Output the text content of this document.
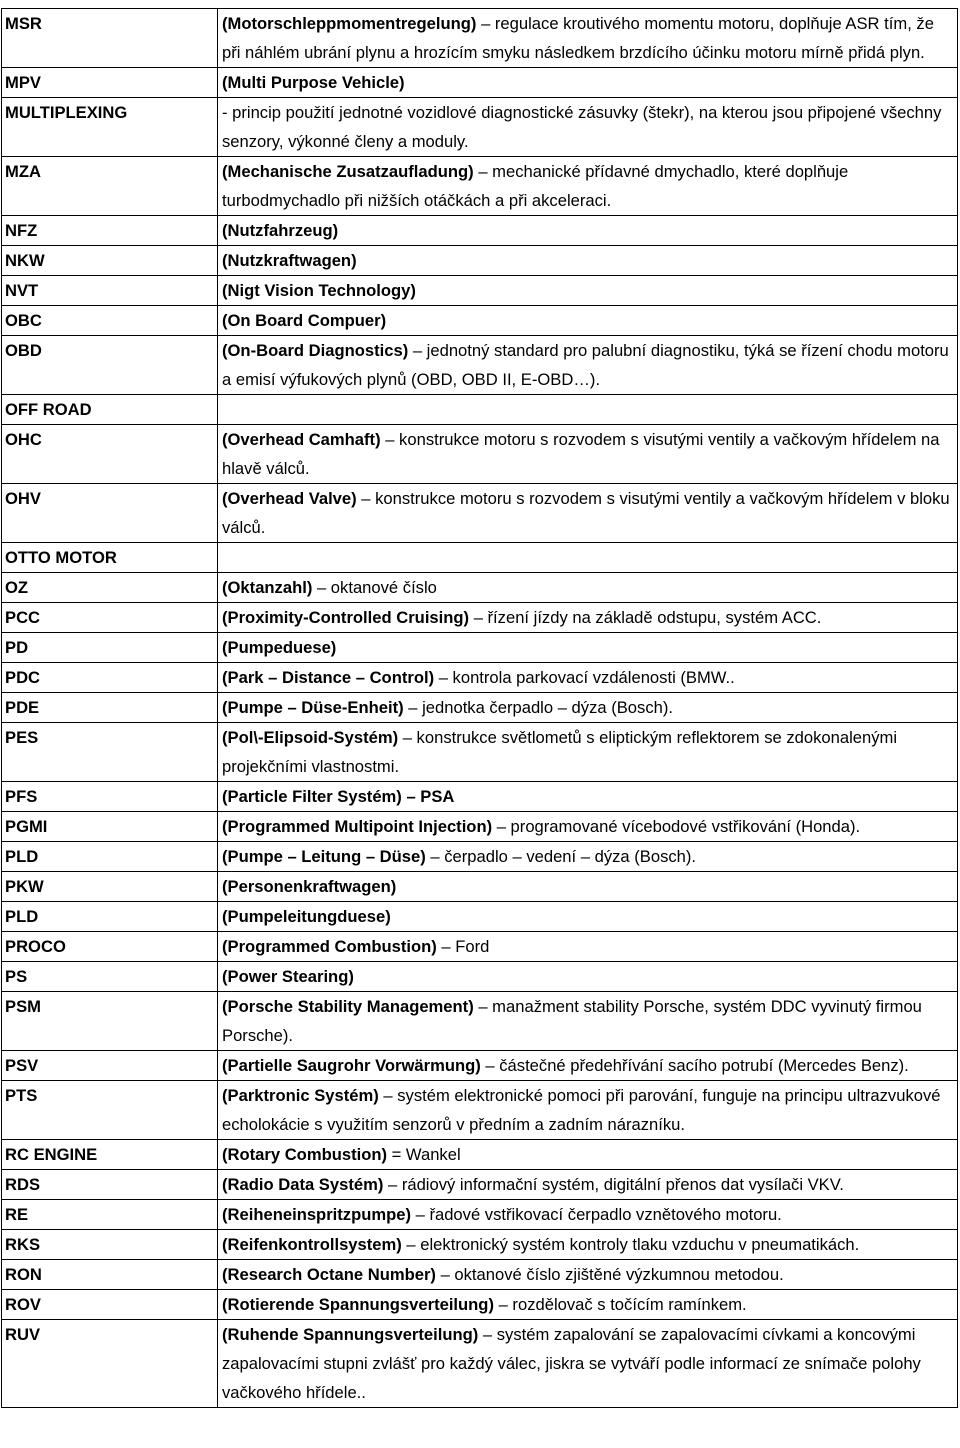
MSR	(Motorschleppmomentregelung) – regulace kroutivého momentu motoru, doplňuje ASR tím, že při náhlém ubrání plynu a hrozícím smyku následkem brzdícího účinku motoru mírně přidá plyn.
MPV	(Multi Purpose Vehicle)
MULTIPLEXING	- princip použití jednotné vozidlové diagnostické zásuvky (štekr), na kterou jsou připojené všechny senzory, výkonné členy a moduly.
MZA	(Mechanische Zusatzaufladung) – mechanické přídavné dmychadlo, které doplňuje turbodmychadlo při nižších otáčkách a při akceleraci.
NFZ	(Nutzfahrzeug)
NKW	(Nutzkraftwagen)
NVT	(Nigt Vision Technology)
OBC	(On Board Compuer)
OBD	(On-Board Diagnostics) – jednotný standard pro palubní diagnostiku, týká se řízení chodu motoru a emisí výfukových plynů (OBD, OBD II, E-OBD…).
OFF ROAD	
OHC	(Overhead Camhaft) – konstrukce motoru s rozvodem s visutými ventily a vačkovým hřídelem na hlavě válců.
OHV	(Overhead Valve) – konstrukce motoru s rozvodem s visutými ventily a vačkovým hřídelem v bloku válců.
OTTO MOTOR	
OZ	(Oktanzahl) – oktanové číslo
PCC	(Proximity-Controlled Cruising) – řízení jízdy na základě odstupu, systém ACC.
PD	(Pumpeduese)
PDC	(Park – Distance – Control) – kontrola parkovací vzdálenosti (BMW..
PDE	(Pumpe – Düse-Enheit) – jednotka čerpadlo – dýza (Bosch).
PES	(Pol\-Elipsoid-Systém) – konstrukce světlometů s eliptickým reflektorem se zdokonalenými projekčními vlastnostmi.
PFS	(Particle Filter Systém) – PSA
PGMI	(Programmed Multipoint Injection) – programované vícebodové vstřikování (Honda).
PLD	(Pumpe – Leitung – Düse) – čerpadlo – vedení – dýza (Bosch).
PKW	(Personenkraftwagen)
PLD	(Pumpeleitungduese)
PROCO	(Programmed Combustion) – Ford
PS	(Power Stearing)
PSM	(Porsche Stability Management) – manažment stability Porsche, systém DDC vyvinutý firmou Porsche).
PSV	(Partielle Saugrohr Vorwärmung) – částečné předehřívání sacího potrubí (Mercedes Benz).
PTS	(Parktronic Systém) – systém elektronické pomoci při parování, funguje na principu ultrazvukové echolokácie s využitím senzorů v předním a zadním nárazníku.
RC ENGINE	(Rotary Combustion) = Wankel
RDS	(Radio Data Systém) – rádiový informační systém, digitální přenos dat vysílači VKV.
RE	(Reiheneinspritzpumpe) – řadové vstřikovací čerpadlo vznětového motoru.
RKS	(Reifenkontrollsystem) – elektronický systém kontroly tlaku vzduchu v pneumatikách.
RON	(Research Octane Number) – oktanové číslo zjištěné výzkumnou metodou.
ROV	(Rotierende Spannungsverteilung) – rozdělovač s točícím ramínkem.
RUV	(Ruhende Spannungsverteilung) – systém zapalování se zapalovacími cívkami a koncovými zapalovacími stupni zvlášť pro každý válec, jiskra se vytváří podle informací ze snímače polohy vačkového hřídele..
